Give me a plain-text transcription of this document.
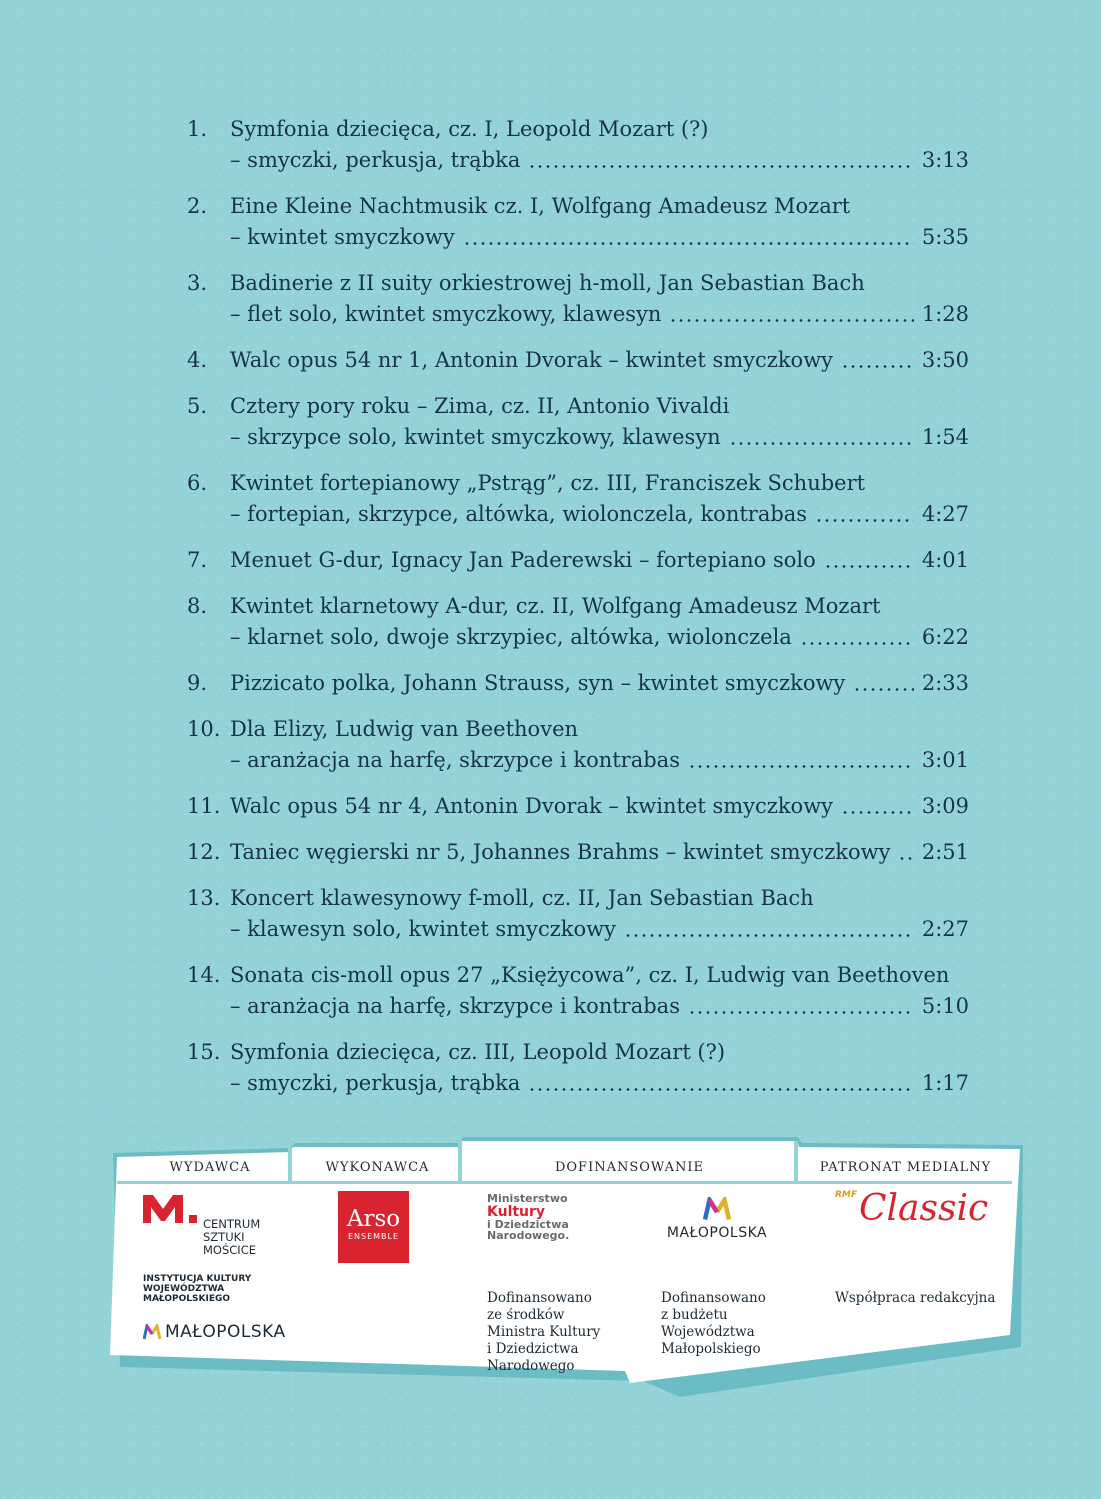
1.	Symfonia dziecięca, cz. I, Leopold Mozart (?)
– smyczki, perkusja, trąbka	3:13
2.	Eine Kleine Nachtmusik cz. I, Wolfgang Amadeusz Mozart
– kwintet smyczkowy	5:35
3.	Badinerie z II suity orkiestrowej h-moll, Jan Sebastian Bach
– flet solo, kwintet smyczkowy, klawesyn	1:28
4.	Walc opus 54 nr 1, Antonin Dvorak – kwintet smyczkowy	3:50
5.	Cztery pory roku – Zima, cz. II, Antonio Vivaldi
– skrzypce solo, kwintet smyczkowy, klawesyn	1:54
6.	Kwintet fortepianowy „Pstrąg”, cz. III, Franciszek Schubert
– fortepian, skrzypce, altówka, wiolonczela, kontrabas	4:27
7.	Menuet G-dur, Ignacy Jan Paderewski – fortepiano solo	4:01
8.	Kwintet klarnetowy A-dur, cz. II, Wolfgang Amadeusz Mozart
– klarnet solo, dwoje skrzypiec, altówka, wiolonczela	6:22
9.	Pizzicato polka, Johann Strauss, syn – kwintet smyczkowy	2:33
10. Dla Elizy, Ludwig van Beethoven
– aranżacja na harfę, skrzypce i kontrabas	3:01
11. Walc opus 54 nr 4, Antonin Dvorak – kwintet smyczkowy	3:09
12. Taniec węgierski nr 5, Johannes Brahms – kwintet smyczkowy 2:51
13. Koncert klawesynowy f-moll, cz. II, Jan Sebastian Bach
– klawesyn solo, kwintet smyczkowy	2:27
14. Sonata cis-moll opus 27 „Księżycowa”, cz. I, Ludwig van Beethoven
– aranżacja na harfę, skrzypce i kontrabas	5:10
15. Symfonia dziecięca, cz. III, Leopold Mozart (?)
– smyczki, perkusja, trąbka	1:17
WYDAWCA	WYKONAWCA	DOFINANSOWANIE	PATRONAT MEDIALNY
CENTRUM
SZTUKI
MOŚCICE
INSTYTUCJA KULTURY
WOJEWÓDZTWA
MAŁOPOLSKIEGO
MAŁOPOLSKA
Arso
ENSEMBLE
Ministerstwo
Kultury
i Dziedzictwa
Narodowego.
Dofinansowano
ze środków
Ministra Kultury
i Dziedzictwa
Narodowego
MAŁOPOLSKA
Dofinansowano
z budżetu
Województwa
Małopolskiego
RMF Classic
Współpraca redakcyjna
